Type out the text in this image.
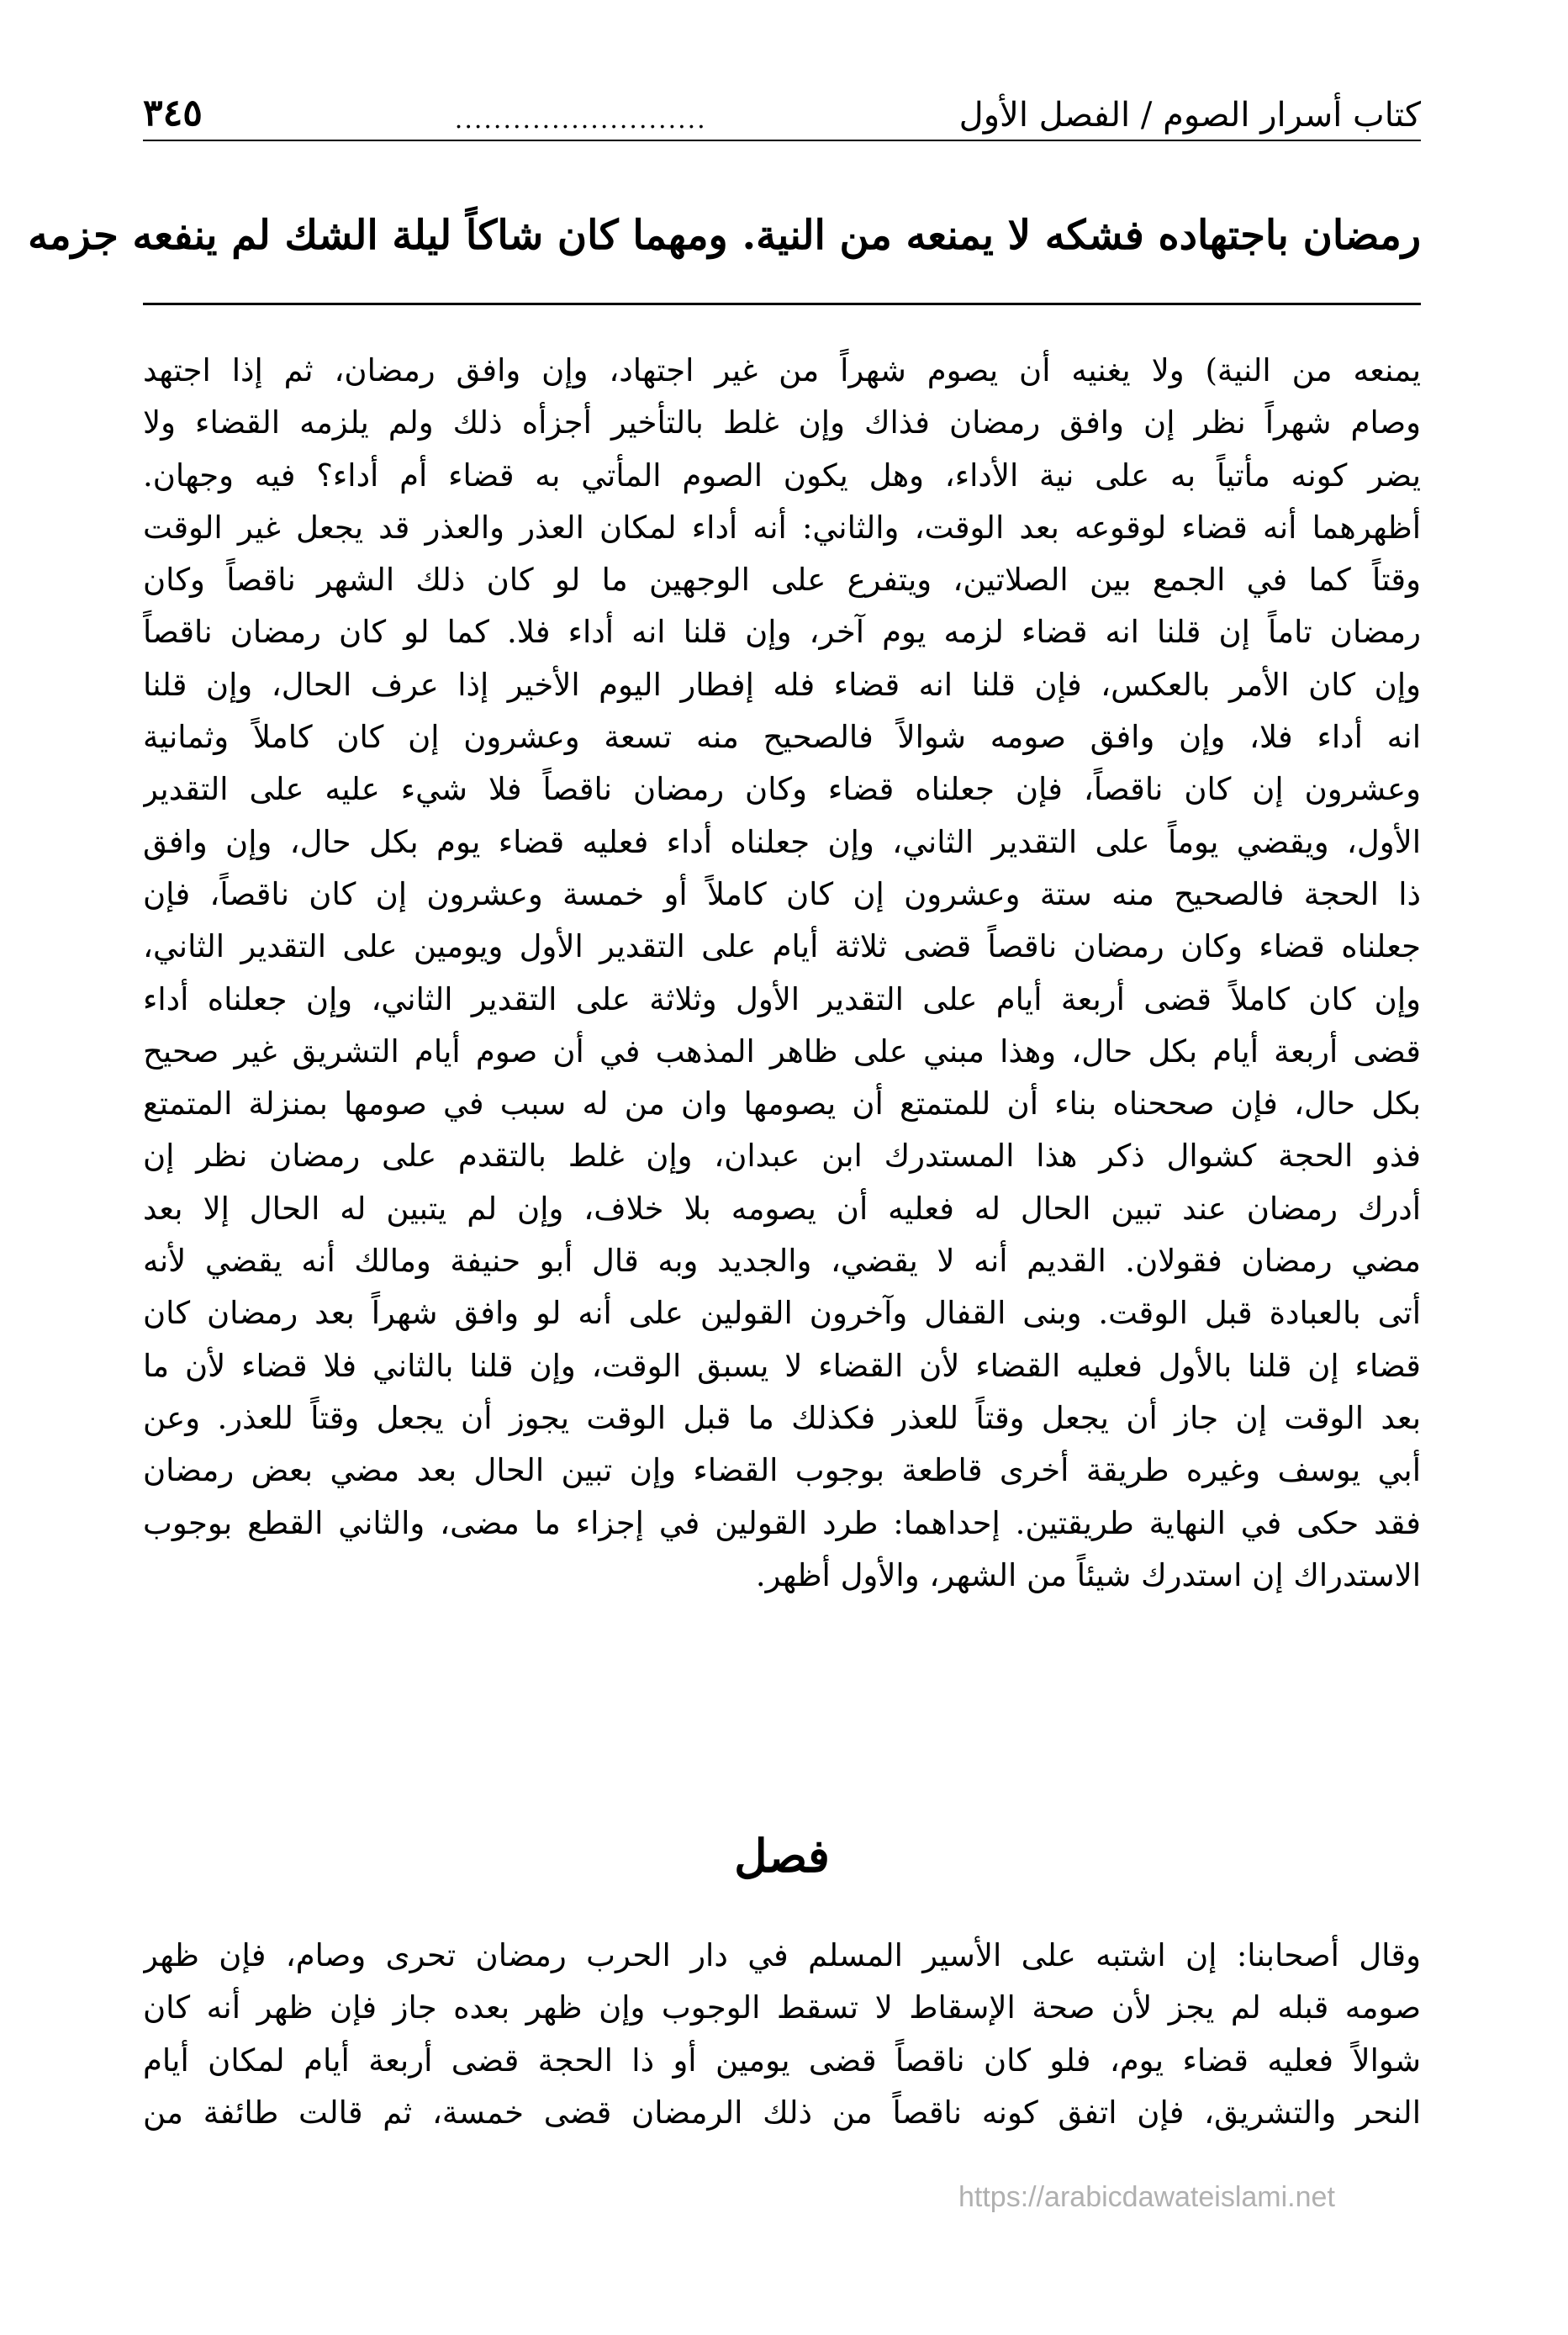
كتاب أسرار الصوم / الفصل الأول
..........................
٣٤٥
رمضان باجتهاده فشكه لا يمنعه من النية. ومهما كان شاكاً ليلة الشك لم ينفعه جزمه
يمنعه من النية) ولا يغنيه أن يصوم شهراً من غير اجتهاد، وإن وافق رمضان، ثم إذا اجتهد
وصام شهراً نظر إن وافق رمضان فذاك وإن غلط بالتأخير أجزأه ذلك ولم يلزمه القضاء ولا
يضر كونه مأتياً به على نية الأداء، وهل يكون الصوم المأتي به قضاء أم أداء؟ فيه وجهان.
أظهرهما أنه قضاء لوقوعه بعد الوقت، والثاني: أنه أداء لمكان العذر والعذر قد يجعل غير الوقت
وقتاً كما في الجمع بين الصلاتين، ويتفرع على الوجهين ما لو كان ذلك الشهر ناقصاً وكان
رمضان تاماً إن قلنا انه قضاء لزمه يوم آخر، وإن قلنا انه أداء فلا. كما لو كان رمضان ناقصاً
وإن كان الأمر بالعكس، فإن قلنا انه قضاء فله إفطار اليوم الأخير إذا عرف الحال، وإن قلنا
انه أداء فلا، وإن وافق صومه شوالاً فالصحيح منه تسعة وعشرون إن كان كاملاً وثمانية
وعشرون إن كان ناقصاً، فإن جعلناه قضاء وكان رمضان ناقصاً فلا شيء عليه على التقدير
الأول، ويقضي يوماً على التقدير الثاني، وإن جعلناه أداء فعليه قضاء يوم بكل حال، وإن وافق
ذا الحجة فالصحيح منه ستة وعشرون إن كان كاملاً أو خمسة وعشرون إن كان ناقصاً، فإن
جعلناه قضاء وكان رمضان ناقصاً قضى ثلاثة أيام على التقدير الأول ويومين على التقدير الثاني،
وإن كان كاملاً قضى أربعة أيام على التقدير الأول وثلاثة على التقدير الثاني، وإن جعلناه أداء
قضى أربعة أيام بكل حال، وهذا مبني على ظاهر المذهب في أن صوم أيام التشريق غير صحيح
بكل حال، فإن صححناه بناء أن للمتمتع أن يصومها وان من له سبب في صومها بمنزلة المتمتع
فذو الحجة كشوال ذكر هذا المستدرك ابن عبدان، وإن غلط بالتقدم على رمضان نظر إن
أدرك رمضان عند تبين الحال له فعليه أن يصومه بلا خلاف، وإن لم يتبين له الحال إلا بعد
مضي رمضان فقولان. القديم أنه لا يقضي، والجديد وبه قال أبو حنيفة ومالك أنه يقضي لأنه
أتى بالعبادة قبل الوقت. وبنى القفال وآخرون القولين على أنه لو وافق شهراً بعد رمضان كان
قضاء إن قلنا بالأول فعليه القضاء لأن القضاء لا يسبق الوقت، وإن قلنا بالثاني فلا قضاء لأن ما
بعد الوقت إن جاز أن يجعل وقتاً للعذر فكذلك ما قبل الوقت يجوز أن يجعل وقتاً للعذر. وعن
أبي يوسف وغيره طريقة أخرى قاطعة بوجوب القضاء وإن تبين الحال بعد مضي بعض رمضان
فقد حكى في النهاية طريقتين. إحداهما: طرد القولين في إجزاء ما مضى، والثاني القطع بوجوب
الاستدراك إن استدرك شيئاً من الشهر، والأول أظهر.
فصل
وقال أصحابنا: إن اشتبه على الأسير المسلم في دار الحرب رمضان تحرى وصام، فإن ظهر
صومه قبله لم يجز لأن صحة الإسقاط لا تسقط الوجوب وإن ظهر بعده جاز فإن ظهر أنه كان
شوالاً فعليه قضاء يوم، فلو كان ناقصاً قضى يومين أو ذا الحجة قضى أربعة أيام لمكان أيام
النحر والتشريق، فإن اتفق كونه ناقصاً من ذلك الرمضان قضى خمسة، ثم قالت طائفة من
https://arabicdawateislami.net
